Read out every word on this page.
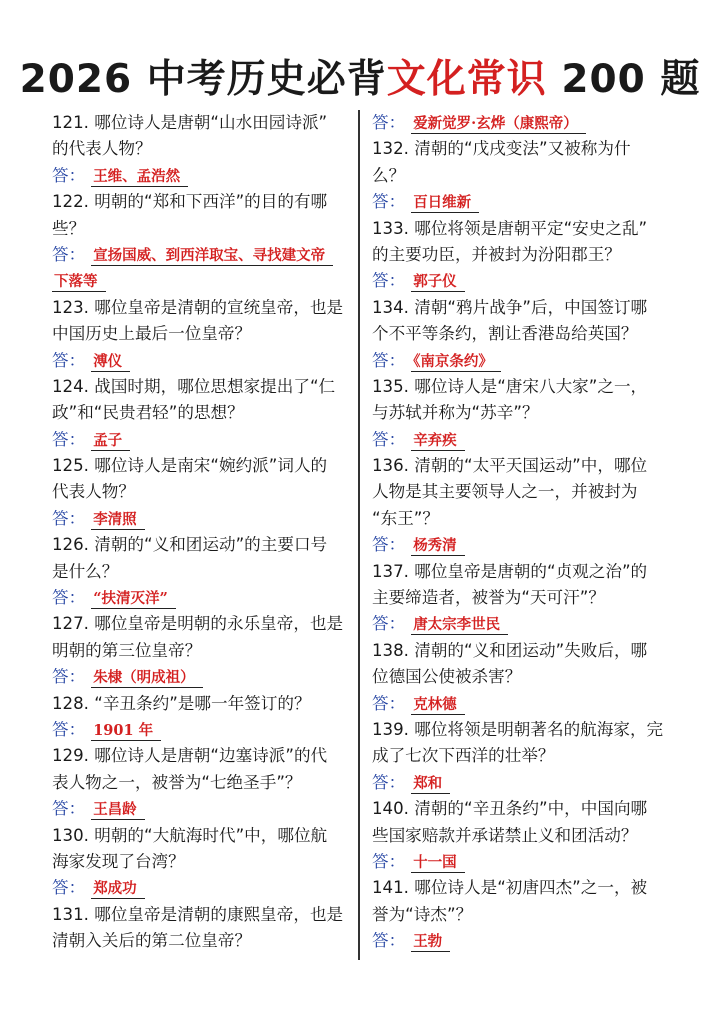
2026 中考历史必背文化常识 200 题
121. 哪位诗人是唐朝“山水田园诗派”
的代表人物？
答： 王维、孟浩然
122. 明朝的“郑和下西洋”的目的有哪
些？
答： 宣扬国威、到西洋取宝、寻找建文帝
下落等
123. 哪位皇帝是清朝的宣统皇帝，也是
中国历史上最后一位皇帝？
答： 溥仪
124. 战国时期，哪位思想家提出了“仁
政”和“民贵君轻”的思想？
答： 孟子
125. 哪位诗人是南宋“婉约派”词人的
代表人物？
答： 李清照
126. 清朝的“义和团运动”的主要口号
是什么？
答： “扶清灭洋”
127. 哪位皇帝是明朝的永乐皇帝，也是
明朝的第三位皇帝？
答： 朱棣（明成祖）
128. “辛丑条约”是哪一年签订的？
答： 1901 年
129. 哪位诗人是唐朝“边塞诗派”的代
表人物之一，被誉为“七绝圣手”？
答： 王昌龄
130. 明朝的“大航海时代”中，哪位航
海家发现了台湾？
答： 郑成功
131. 哪位皇帝是清朝的康熙皇帝，也是
清朝入关后的第二位皇帝？
答： 爱新觉罗·玄烨（康熙帝）
132. 清朝的“戊戌变法”又被称为什
么？
答： 百日维新
133. 哪位将领是唐朝平定“安史之乱”
的主要功臣，并被封为汾阳郡王？
答： 郭子仪
134. 清朝“鸦片战争”后，中国签订哪
个不平等条约，割让香港岛给英国？
答： 《南京条约》
135. 哪位诗人是“唐宋八大家”之一，
与苏轼并称为“苏辛”？
答： 辛弃疾
136. 清朝的“太平天国运动”中，哪位
人物是其主要领导人之一，并被封为
“东王”？
答： 杨秀清
137. 哪位皇帝是唐朝的“贞观之治”的
主要缔造者，被誉为“天可汗”？
答： 唐太宗李世民
138. 清朝的“义和团运动”失败后，哪
位德国公使被杀害？
答： 克林德
139. 哪位将领是明朝著名的航海家，完
成了七次下西洋的壮举？
答： 郑和
140. 清朝的“辛丑条约”中，中国向哪
些国家赔款并承诺禁止义和团活动？
答： 十一国
141. 哪位诗人是“初唐四杰”之一，被
誉为“诗杰”？
答： 王勃
